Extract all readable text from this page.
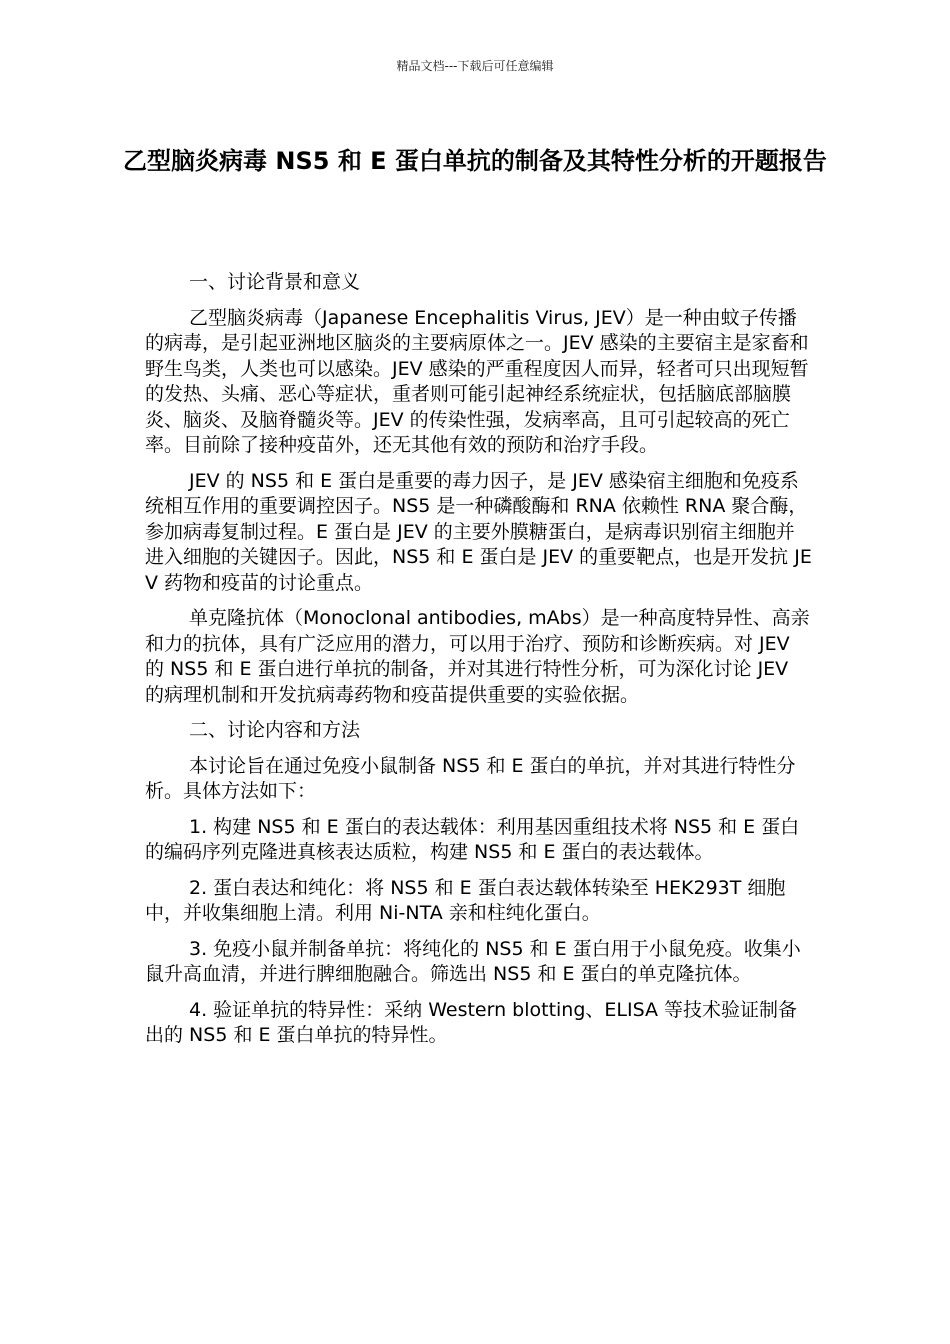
精品文档---下载后可任意编辑
乙型脑炎病毒 NS5 和 E 蛋白单抗的制备及其特性分析的开题报告

一、讨论背景和意义

乙型脑炎病毒（Japanese Encephalitis Virus, JEV）是一种由蚊子传播的病毒，是引起亚洲地区脑炎的主要病原体之一。JEV 感染的主要宿主是家畜和野生鸟类，人类也可以感染。JEV 感染的严重程度因人而异，轻者可只出现短暂的发热、头痛、恶心等症状，重者则可能引起神经系统症状，包括脑底部脑膜炎、脑炎、及脑脊髓炎等。JEV 的传染性强，发病率高，且可引起较高的死亡率。目前除了接种疫苗外，还无其他有效的预防和治疗手段。

JEV 的 NS5 和 E 蛋白是重要的毒力因子，是 JEV 感染宿主细胞和免疫系统相互作用的重要调控因子。NS5 是一种磷酸酶和 RNA 依赖性 RNA 聚合酶，参加病毒复制过程。E 蛋白是 JEV 的主要外膜糖蛋白，是病毒识别宿主细胞并进入细胞的关键因子。因此，NS5 和 E 蛋白是 JEV 的重要靶点，也是开发抗 JEV 药物和疫苗的讨论重点。

单克隆抗体（Monoclonal antibodies, mAbs）是一种高度特异性、高亲和力的抗体，具有广泛应用的潜力，可以用于治疗、预防和诊断疾病。对 JEV 的 NS5 和 E 蛋白进行单抗的制备，并对其进行特性分析，可为深化讨论 JEV 的病理机制和开发抗病毒药物和疫苗提供重要的实验依据。

二、讨论内容和方法

本讨论旨在通过免疫小鼠制备 NS5 和 E 蛋白的单抗，并对其进行特性分析。具体方法如下：

1. 构建 NS5 和 E 蛋白的表达载体：利用基因重组技术将 NS5 和 E 蛋白的编码序列克隆进真核表达质粒，构建 NS5 和 E 蛋白的表达载体。

2. 蛋白表达和纯化：将 NS5 和 E 蛋白表达载体转染至 HEK293T 细胞中，并收集细胞上清。利用 Ni-NTA 亲和柱纯化蛋白。

3. 免疫小鼠并制备单抗：将纯化的 NS5 和 E 蛋白用于小鼠免疫。收集小鼠升高血清，并进行脾细胞融合。筛选出 NS5 和 E 蛋白的单克隆抗体。

4. 验证单抗的特异性：采纳 Western blotting、ELISA 等技术验证制备出的 NS5 和 E 蛋白单抗的特异性。
